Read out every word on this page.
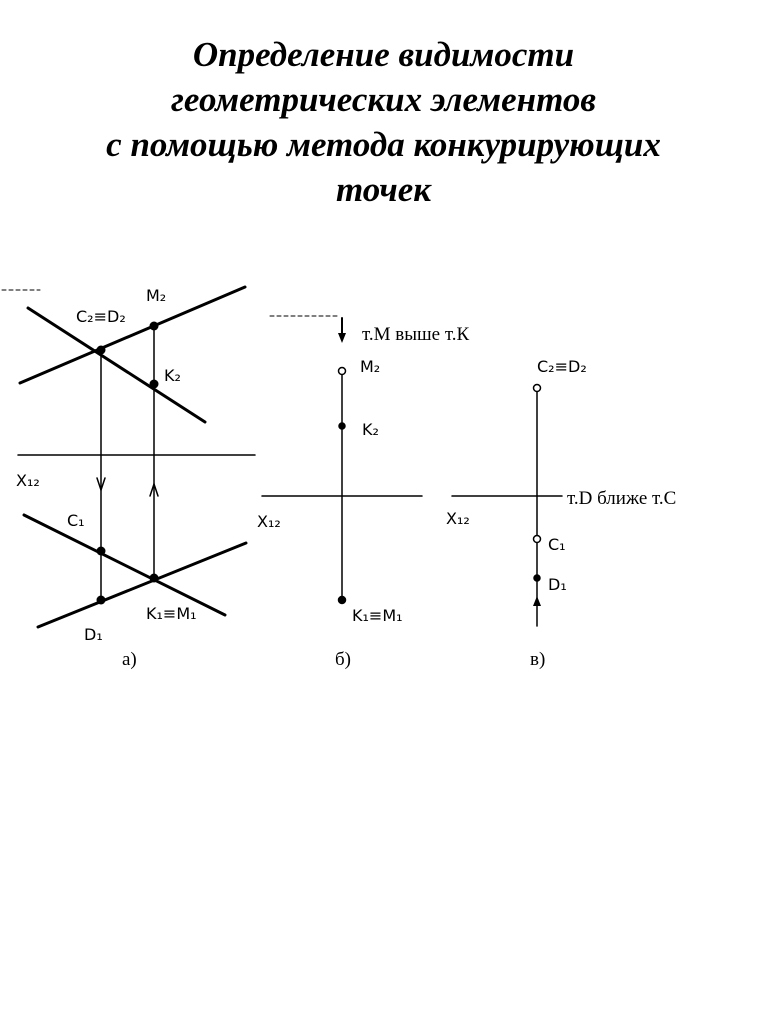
Определение видимости
геометрических элементов
с помощью метода конкурирующих
точек
C₂≡D₂
M₂
K₂
X₁₂
C₁
D₁
K₁≡M₁
а)
т.М выше т.К
M₂
K₂
X₁₂
K₁≡M₁
б)
C₂≡D₂
X₁₂
т.D ближе т.С
C₁
D₁
в)
